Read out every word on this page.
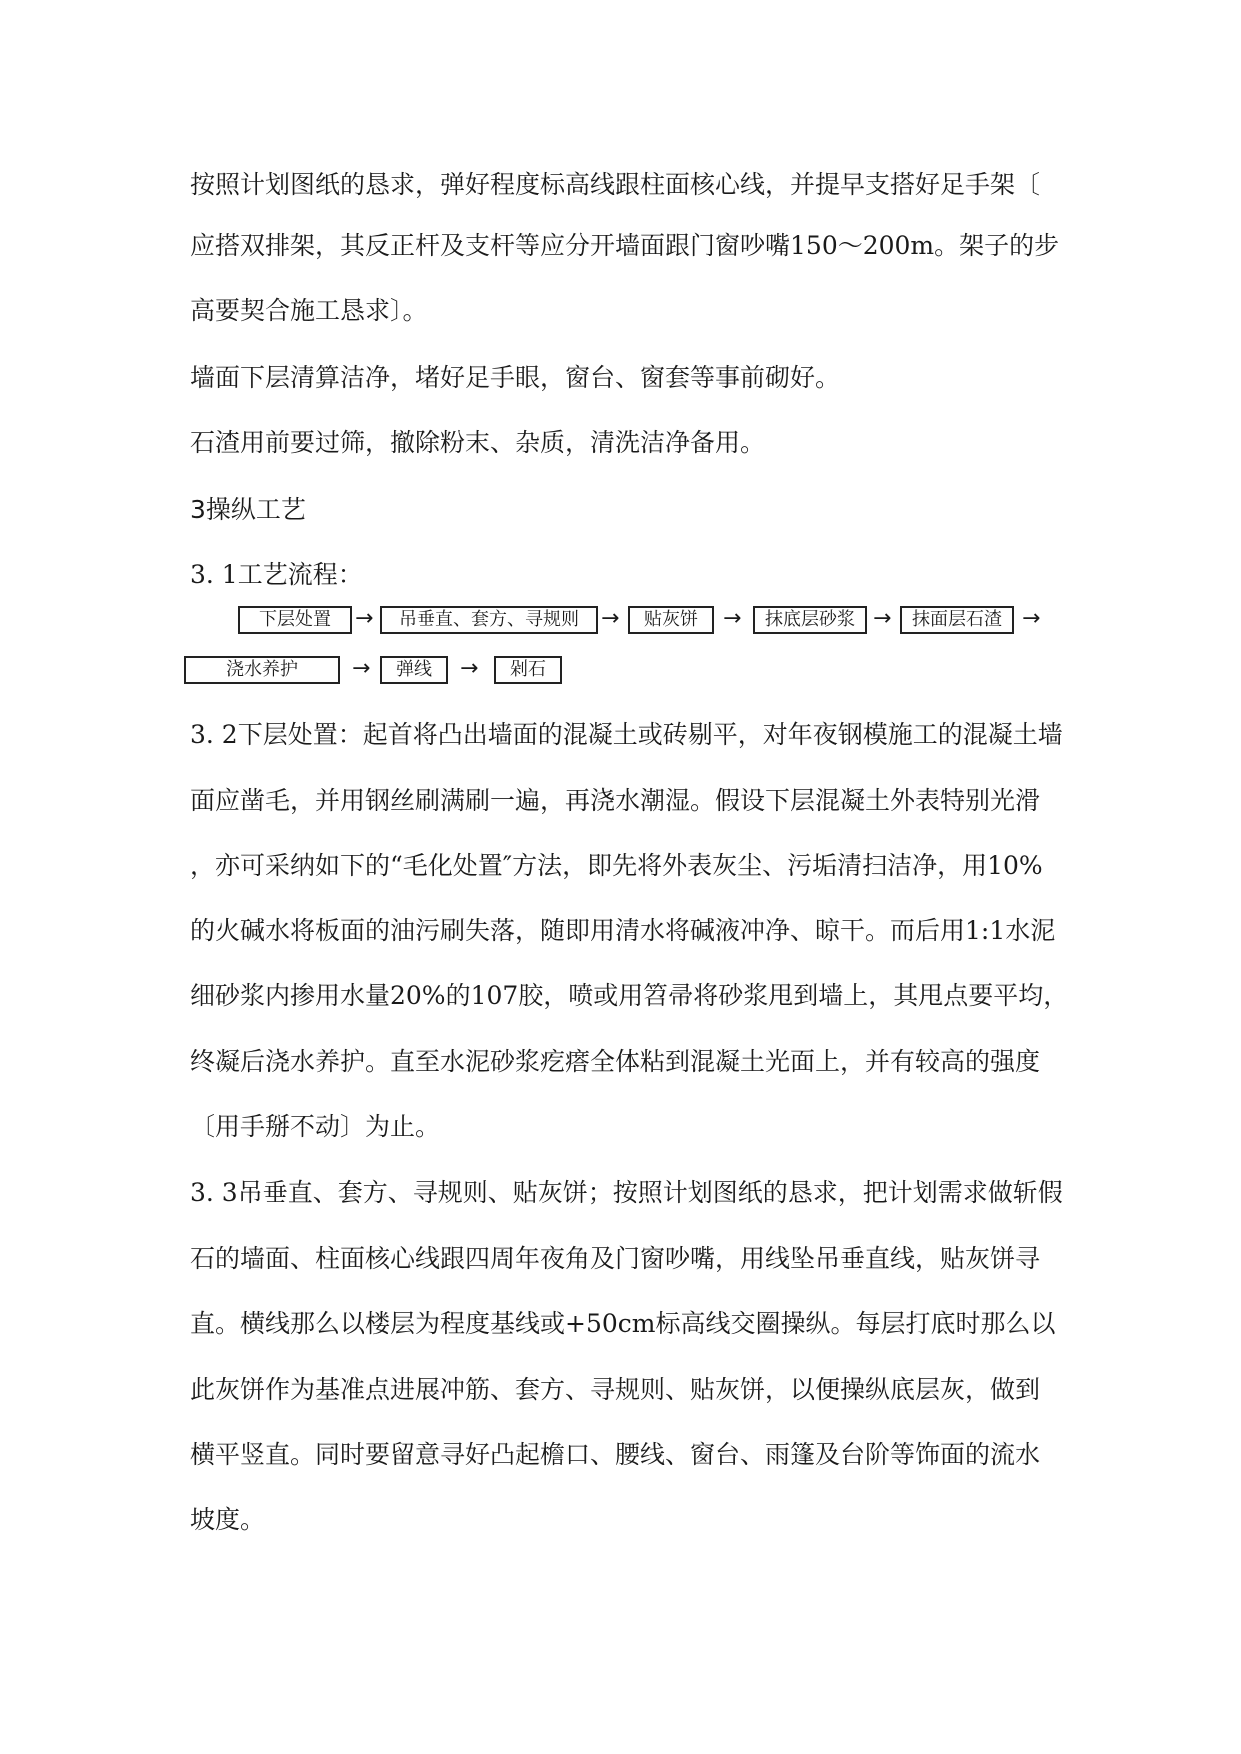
按照计划图纸的恳求，弹好程度标高线跟柱面核心线，并提早支搭好足手架〔
应搭双排架，其反正杆及支杆等应分开墙面跟门窗吵嘴150～200m。架子的步
高要契合施工恳求〕。
墙面下层清算洁净，堵好足手眼，窗台、窗套等事前砌好。
石渣用前要过筛，撤除粉末、杂质，清洗洁净备用。
3操纵工艺
3. 1工艺流程：
下层处置	→	吊垂直、套方、寻规则	→	贴灰饼	→	抹底层砂浆 →	抹面层石渣 →
浇水养护	→	弹线	→	剁石
3. 2下层处置：起首将凸出墙面的混凝土或砖剔平，对年夜钢模施工的混凝土墙
面应凿毛，并用钢丝刷满刷一遍，再浇水潮湿。假设下层混凝土外表特别光滑
，亦可采纳如下的“毛化处置″方法，即先将外表灰尘、污垢清扫洁净，用10%
的火碱水将板面的油污刷失落，随即用清水将碱液冲净、晾干。而后用1:1水泥
细砂浆内掺用水量20%的107胶，喷或用笤帚将砂浆甩到墙上，其甩点要平均，
终凝后浇水养护。直至水泥砂浆疙瘩全体粘到混凝土光面上，并有较高的强度
〔用手掰不动〕为止。
3. 3吊垂直、套方、寻规则、贴灰饼；按照计划图纸的恳求，把计划需求做斩假
石的墙面、柱面核心线跟四周年夜角及门窗吵嘴，用线坠吊垂直线，贴灰饼寻
直。横线那么以楼层为程度基线或+50cm标高线交圈操纵。每层打底时那么以
此灰饼作为基准点进展冲筋、套方、寻规则、贴灰饼，以便操纵底层灰，做到
横平竖直。同时要留意寻好凸起檐口、腰线、窗台、雨篷及台阶等饰面的流水
坡度。
